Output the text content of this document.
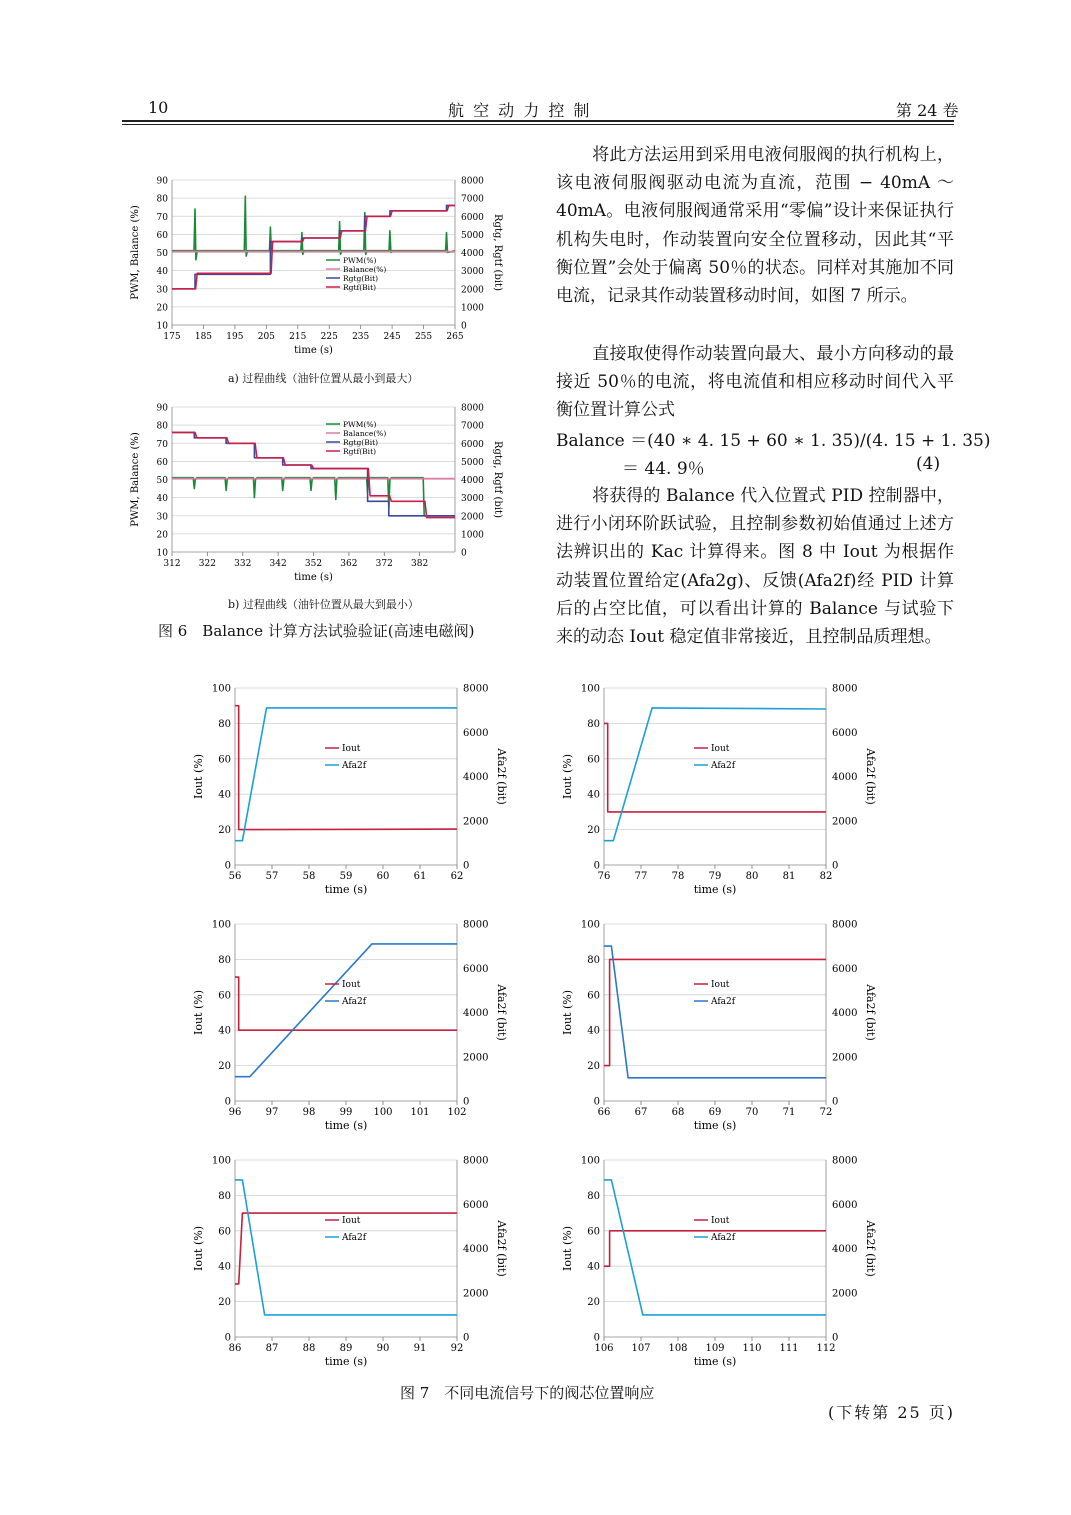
10	航 空 动 力 控 制	第 24 卷

将此方法运用到采用电液伺服阀的执行机构上，该电液伺服阀驱动电流为直流，范围 − 40mA ～40mA。电液伺服阀通常采用“零偏”设计来保证执行机构失电时，作动装置向安全位置移动，因此其“平衡位置”会处于偏离 50％的状态。同样对其施加不同电流，记录其作动装置移动时间，如图 7 所示。

直接取使得作动装置向最大、最小方向移动的最接近 50％的电流，将电流值和相应移动时间代入平衡位置计算公式

Balance ＝(40 ∗ 4. 15 + 60 ∗ 1. 35)/(4. 15 + 1. 35)
＝ 44. 9％	(4)

将获得的 Balance 代入位置式 PID 控制器中，进行小闭环阶跃试验，且控制参数初始值通过上述方法辨识出的 Kac 计算得来。图 8 中 Iout 为根据作动装置位置给定(Afa2g)、反馈(Afa2f)经 PID 计算后的占空比值，可以看出计算的 Balance 与试验下来的动态 Iout 稳定值非常接近，且控制品质理想。

10
20
30
40
50
60
70
80
90
0
1000
2000
3000
4000
5000
6000
7000
8000
175 185 195 205 215 225 235 245 255 265
PWM(%)
Balance(%)
Rgtg(Bit)
Rgtf(Bit)
time (s)
PWM, Balance (%)	Rgtg, Rgtf (bit)
a) 过程曲线（油针位置从最小到最大）
10
20
30
40
50
60
70
80
90
0
1000
2000
3000
4000
5000
6000
7000
8000
312 322 332 342 352 362 372 382
PWM(%)
Balance(%)
Rgtg(Bit)
Rgtf(Bit)
time (s)
PWM, Balance (%)	Rgtg, Rgtf (bit)
b) 过程曲线（油针位置从最大到最小）
图 6　Balance 计算方法试验验证(高速电磁阀)
0
20
40
60
80
100
0
2000
4000
6000
8000
56 57 58 59 60 61 62
Iout
Afa2f
time (s)
Iout (%)	Afa2f (bit)
0
20
40
60
80
100
0
2000
4000
6000
8000
76 77 78 79 80 81 82
Iout
Afa2f
time (s)
Iout (%)	Afa2f (bit)
0
20
40
60
80
100
0
2000
4000
6000
8000
96 97 98 99 100 101 102
Iout
Afa2f
time (s)
Iout (%)	Afa2f (bit)
0
20
40
60
80
100
0
2000
4000
6000
8000
66 67 68 69 70 71 72
Iout
Afa2f
time (s)
Iout (%)	Afa2f (bit)
0
20
40
60
80
100
0
2000
4000
6000
8000
86 87 88 89 90 91 92
Iout
Afa2f
time (s)
Iout (%)	Afa2f (bit)
0
20
40
60
80
100
0
2000
4000
6000
8000
106 107 108 109 110 111 112
Iout
Afa2f
time (s)
Iout (%)	Afa2f (bit)
图 7　不同电流信号下的阀芯位置响应
(下转第 25 页)
